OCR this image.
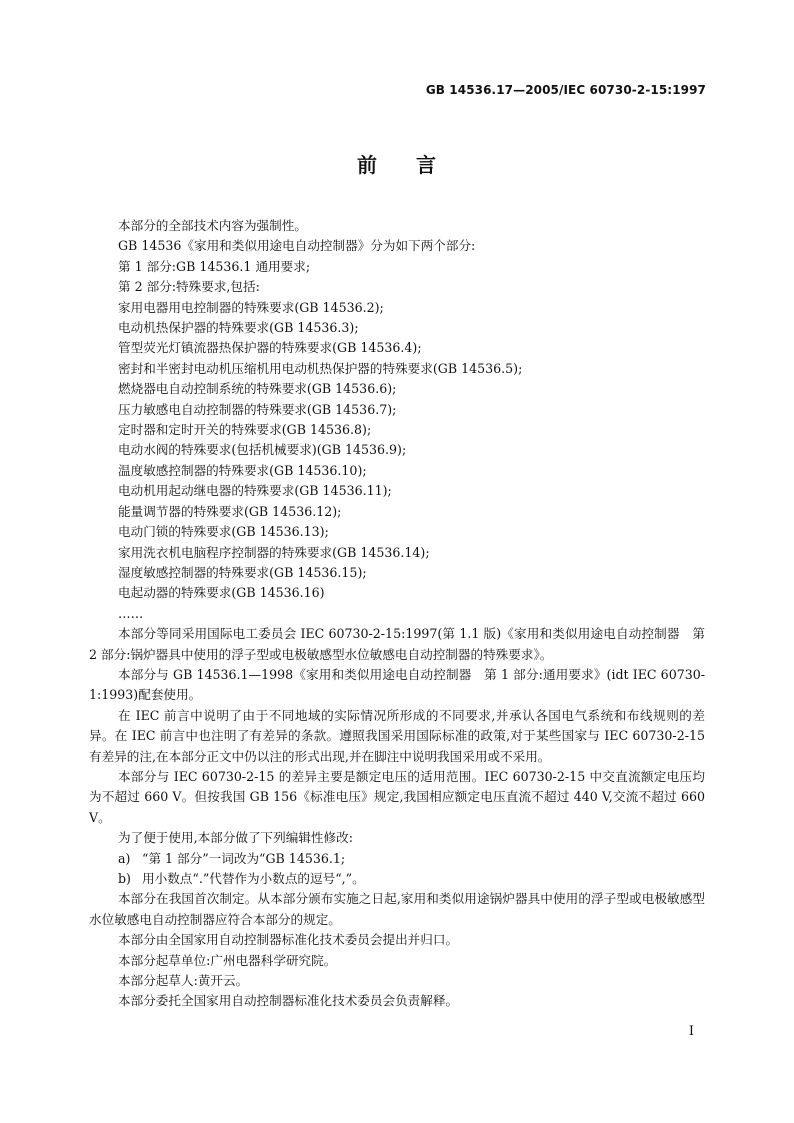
GB 14536.17—2005/IEC 60730-2-15:1997
前 言

本部分的全部技术内容为强制性。

GB 14536《家用和类似用途电自动控制器》分为如下两个部分:

第 1 部分:GB 14536.1 通用要求;

第 2 部分:特殊要求,包括:

家用电器用电控制器的特殊要求(GB 14536.2);

电动机热保护器的特殊要求(GB 14536.3);

管型荧光灯镇流器热保护器的特殊要求(GB 14536.4);

密封和半密封电动机压缩机用电动机热保护器的特殊要求(GB 14536.5);

燃烧器电自动控制系统的特殊要求(GB 14536.6);

压力敏感电自动控制器的特殊要求(GB 14536.7);

定时器和定时开关的特殊要求(GB 14536.8);

电动水阀的特殊要求(包括机械要求)(GB 14536.9);

温度敏感控制器的特殊要求(GB 14536.10);

电动机用起动继电器的特殊要求(GB 14536.11);

能量调节器的特殊要求(GB 14536.12);

电动门锁的特殊要求(GB 14536.13);

家用洗衣机电脑程序控制器的特殊要求(GB 14536.14);

湿度敏感控制器的特殊要求(GB 14536.15);

电起动器的特殊要求(GB 14536.16)

……

本部分等同采用国际电工委员会 IEC 60730-2-15:1997(第 1.1 版)《家用和类似用途电自动控制器　第 2 部分:锅炉器具中使用的浮子型或电极敏感型水位敏感电自动控制器的特殊要求》。

本部分与 GB 14536.1—1998《家用和类似用途电自动控制器　第 1 部分:通用要求》(idt IEC 60730-1:1993)配套使用。

在 IEC 前言中说明了由于不同地域的实际情况所形成的不同要求,并承认各国电气系统和布线规则的差异。在 IEC 前言中也注明了有差异的条款。遵照我国采用国际标准的政策,对于某些国家与 IEC 60730-2-15 有差异的注,在本部分正文中仍以注的形式出现,并在脚注中说明我国采用或不采用。

本部分与 IEC 60730-2-15 的差异主要是额定电压的适用范围。IEC 60730-2-15 中交直流额定电压均为不超过 660 V。但按我国 GB 156《标准电压》规定,我国相应额定电压直流不超过 440 V,交流不超过 660 V。

为了便于使用,本部分做了下列编辑性修改:

a) “第 1 部分”一词改为“GB 14536.1;

b) 用小数点“.”代替作为小数点的逗号“,”。

本部分在我国首次制定。从本部分颁布实施之日起,家用和类似用途锅炉器具中使用的浮子型或电极敏感型水位敏感电自动控制器应符合本部分的规定。

本部分由全国家用自动控制器标准化技术委员会提出并归口。

本部分起草单位:广州电器科学研究院。

本部分起草人:黄开云。

本部分委托全国家用自动控制器标准化技术委员会负责解释。

I
